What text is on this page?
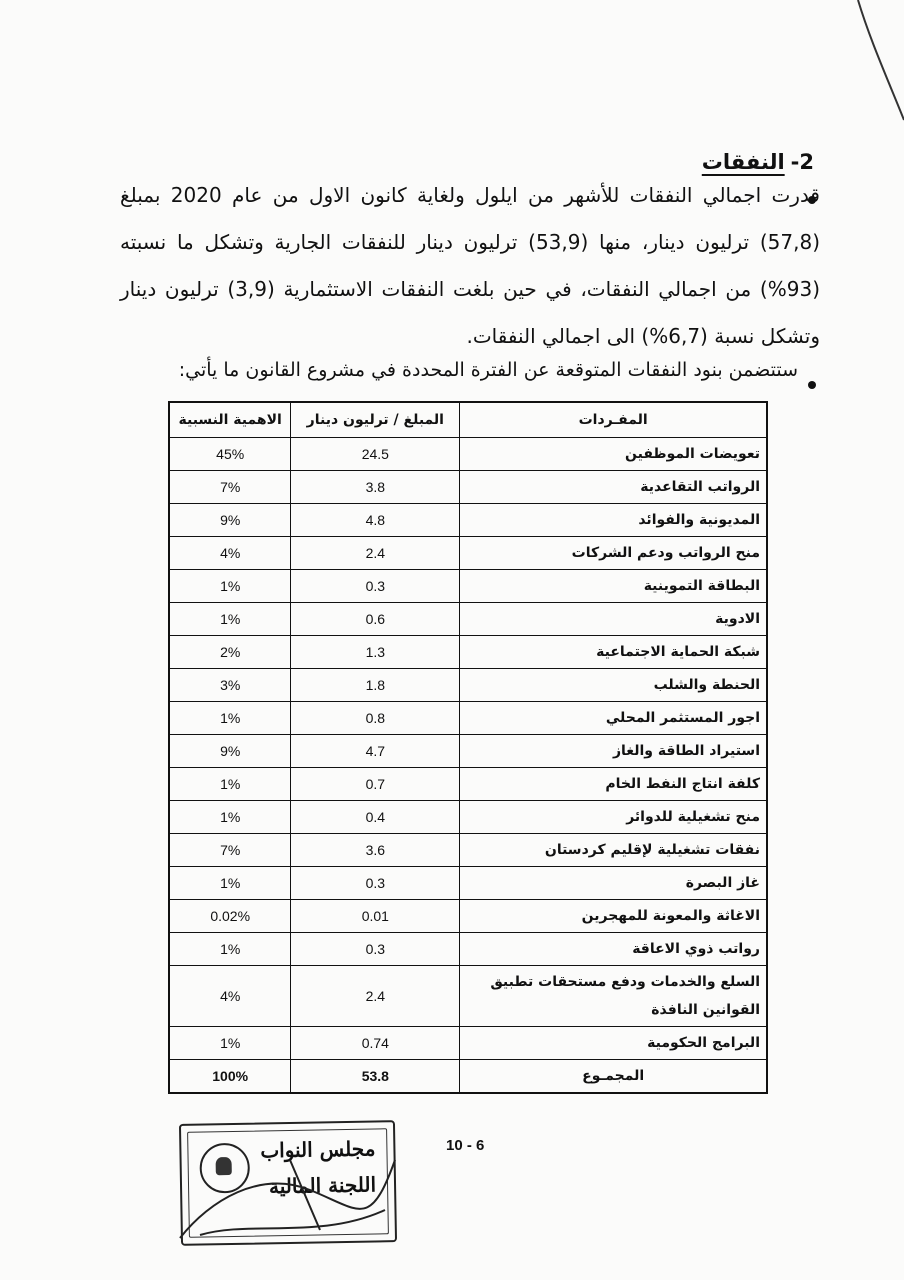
2-النفقات
قدرت اجمالي النفقات للأشهر من ايلول ولغاية كانون الاول من عام 2020 بمبلغ (57,8) ترليون دينار، منها (53,9) ترليون دينار للنفقات الجارية وتشكل ما نسبته (93%) من اجمالي النفقات، في حين بلغت النفقات الاستثمارية (3,9) ترليون دينار وتشكل نسبة (6,7%) الى اجمالي النفقات.
ستتضمن بنود النفقات المتوقعة عن الفترة المحددة في مشروع القانون ما يأتي:
المفـردات	المبلغ / ترليون دينار	الاهمية النسبية
تعويضات الموظفين	24.5	45%
الرواتب التقاعدية	3.8	7%
المديونية والفوائد	4.8	9%
منح الرواتب ودعم الشركات	2.4	4%
البطاقة التموينية	0.3	1%
الادوية	0.6	1%
شبكة الحماية الاجتماعية	1.3	2%
الحنطة والشلب	1.8	3%
اجور المستثمر المحلي	0.8	1%
استيراد الطاقة والغاز	4.7	9%
كلفة انتاج النفط الخام	0.7	1%
منح تشغيلية للدوائر	0.4	1%
نفقات تشغيلية لإقليم كردستان	3.6	7%
غاز البصرة	0.3	1%
الاغاثة والمعونة للمهجرين	0.01	0.02%
رواتب ذوي الاعاقة	0.3	1%
السلع والخدمات ودفع مستحقات تطبيق القوانين النافذة	2.4	4%
البرامج الحكومية	0.74	1%
المجمـوع	53.8	100%
10 - 6
مجلس النواب
اللجنة المالية
